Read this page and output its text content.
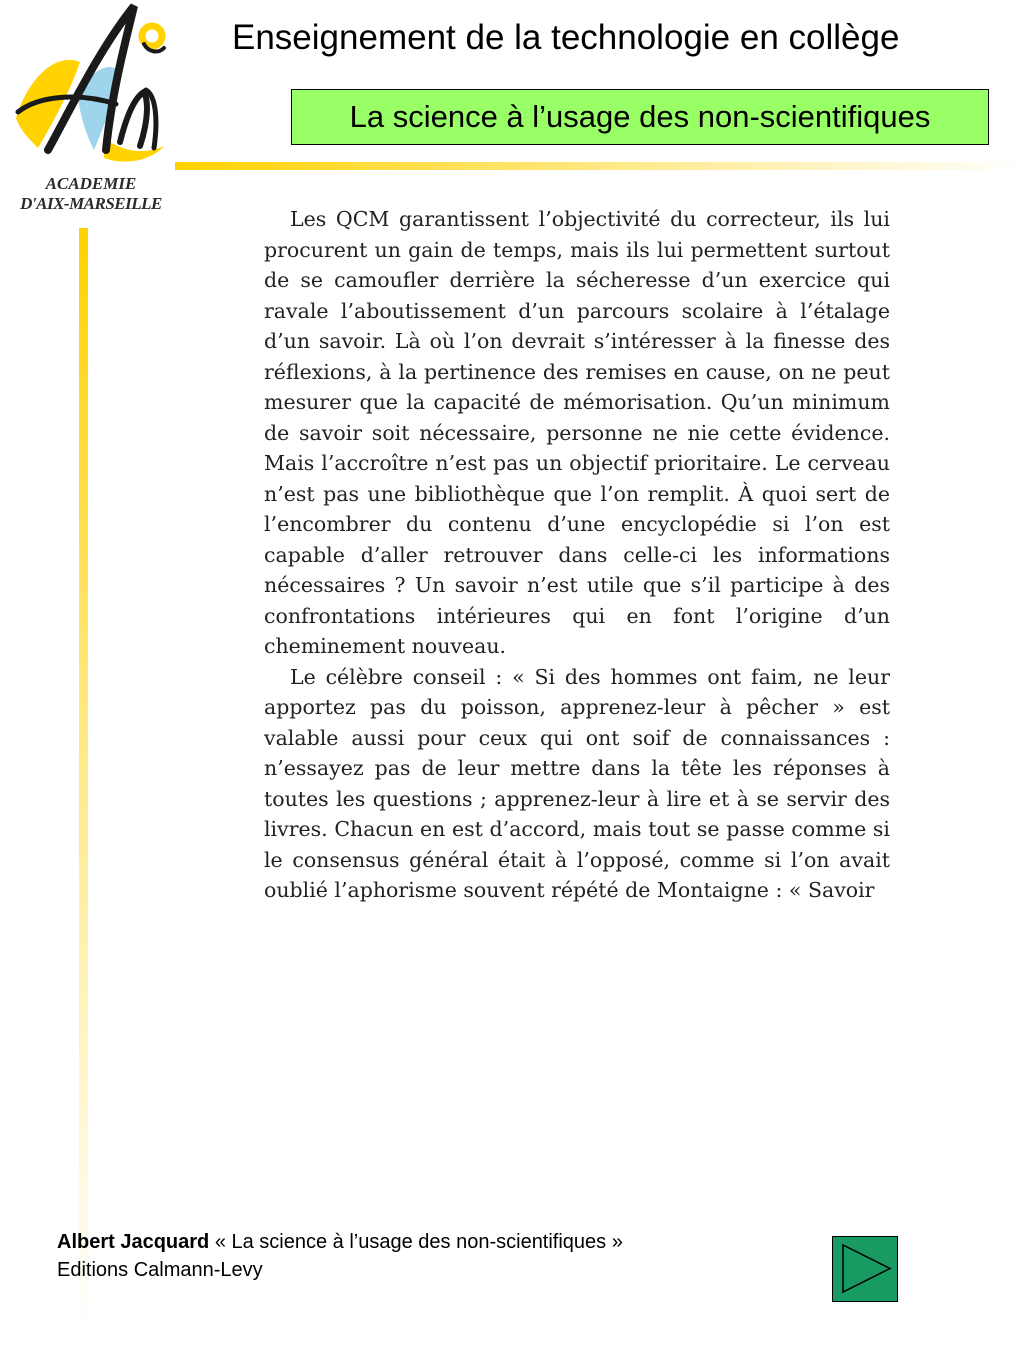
ACADEMIE
D'AIX-MARSEILLE
Enseignement de la technologie en collège
La science à l’usage des non-scientifiques

Les QCM garantissent l’objectivité du correcteur, ils lui procurent un gain de temps, mais ils lui permettent surtout de se camoufler derrière la sécheresse d’un exercice qui ravale l’aboutissement d’un parcours scolaire à l’étalage d’un savoir. Là où l’on devrait s’intéresser à la finesse des réflexions, à la pertinence des remises en cause, on ne peut mesurer que la capacité de mémorisation. Qu’un minimum de savoir soit nécessaire, personne ne nie cette évidence. Mais l’accroître n’est pas un objectif prioritaire. Le cerveau n’est pas une bibliothèque que l’on remplit. À quoi sert de l’encombrer du contenu d’une encyclopédie si l’on est capable d’aller retrouver dans celle-ci les informations nécessaires ? Un savoir n’est utile que s’il participe à des confrontations intérieures qui en font l’origine d’un cheminement nouveau.

Le célèbre conseil : « Si des hommes ont faim, ne leur apportez pas du poisson, apprenez-leur à pêcher » est valable aussi pour ceux qui ont soif de connaissances : n’essayez pas de leur mettre dans la tête les réponses à toutes les questions ; apprenez-leur à lire et à se servir des livres. Chacun en est d’accord, mais tout se passe comme si le consensus général était à l’opposé, comme si l’on avait oublié l’aphorisme souvent répété de Montaigne : « Savoir

Albert Jacquard « La science à l’usage des non-scientifiques »
Editions Calmann-Levy
